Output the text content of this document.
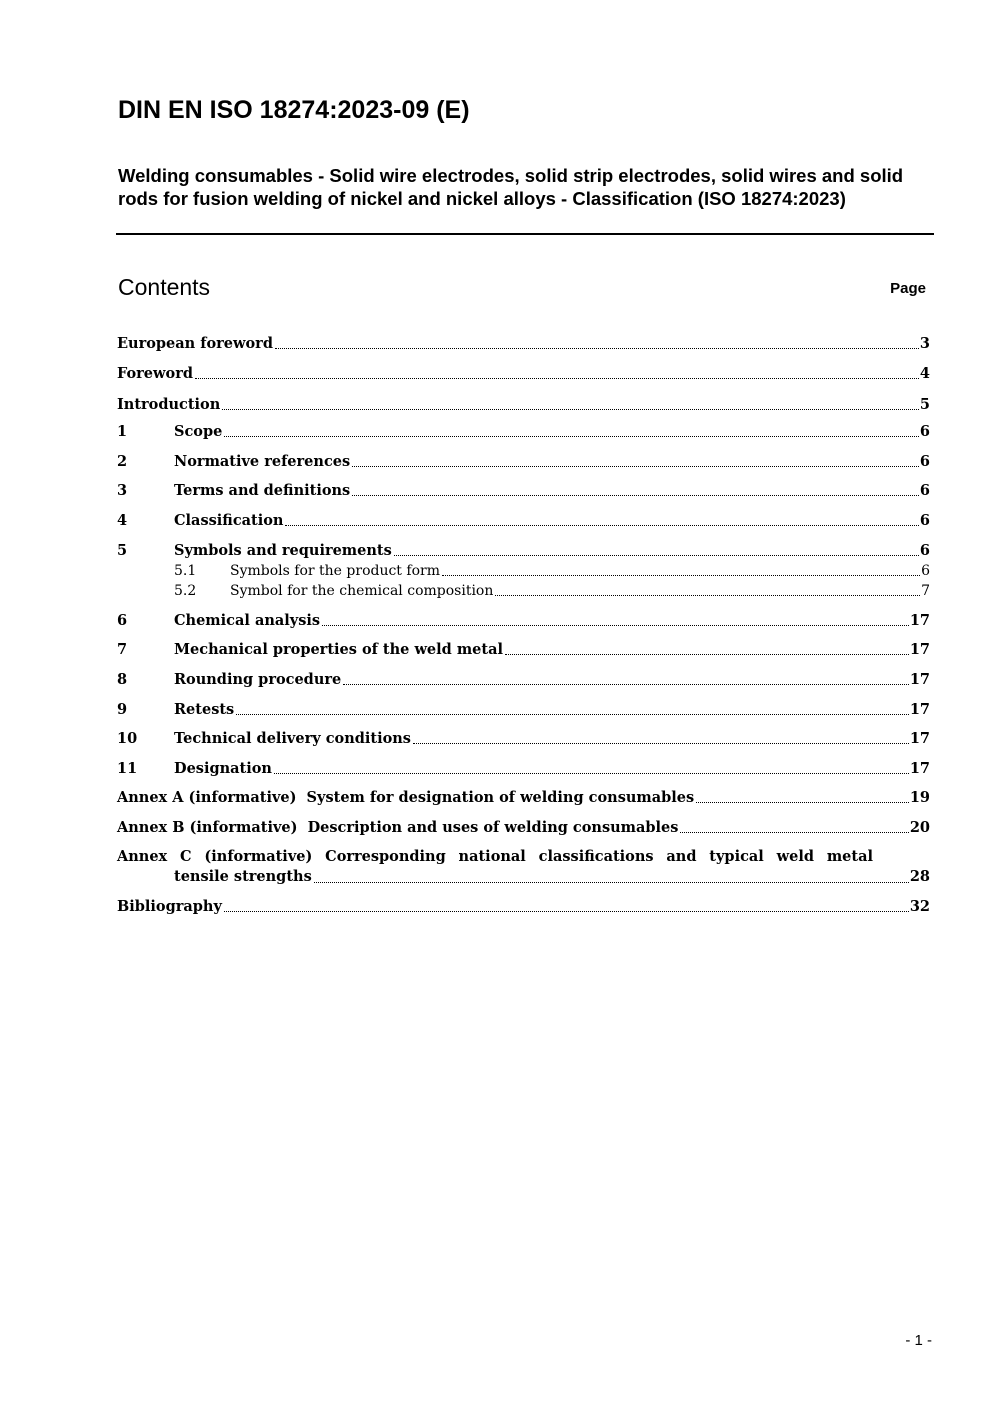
DIN EN ISO 18274:2023-09 (E)
Welding consumables - Solid wire electrodes, solid strip electrodes, solid wires and solid rods for fusion welding of nickel and nickel alloys - Classification (ISO 18274:2023)
Contents	Page
European foreword	3
Foreword	4
Introduction	5
1	Scope	6
2	Normative references	6
3	Terms and definitions	6
4	Classification	6
5	Symbols and requirements	6
5.1	Symbols for the product form	6
5.2	Symbol for the chemical composition	7
6	Chemical analysis	17
7	Mechanical properties of the weld metal	17
8	Rounding procedure	17
9	Retests	17
10	Technical delivery conditions	17
11	Designation	17
Annex A (informative)  System for designation of welding consumables	19
Annex B (informative)  Description and uses of welding consumables	20
Annex C (informative) Corresponding national classifications and typical weld metal
tensile strengths	28
Bibliography	32
- 1 -
